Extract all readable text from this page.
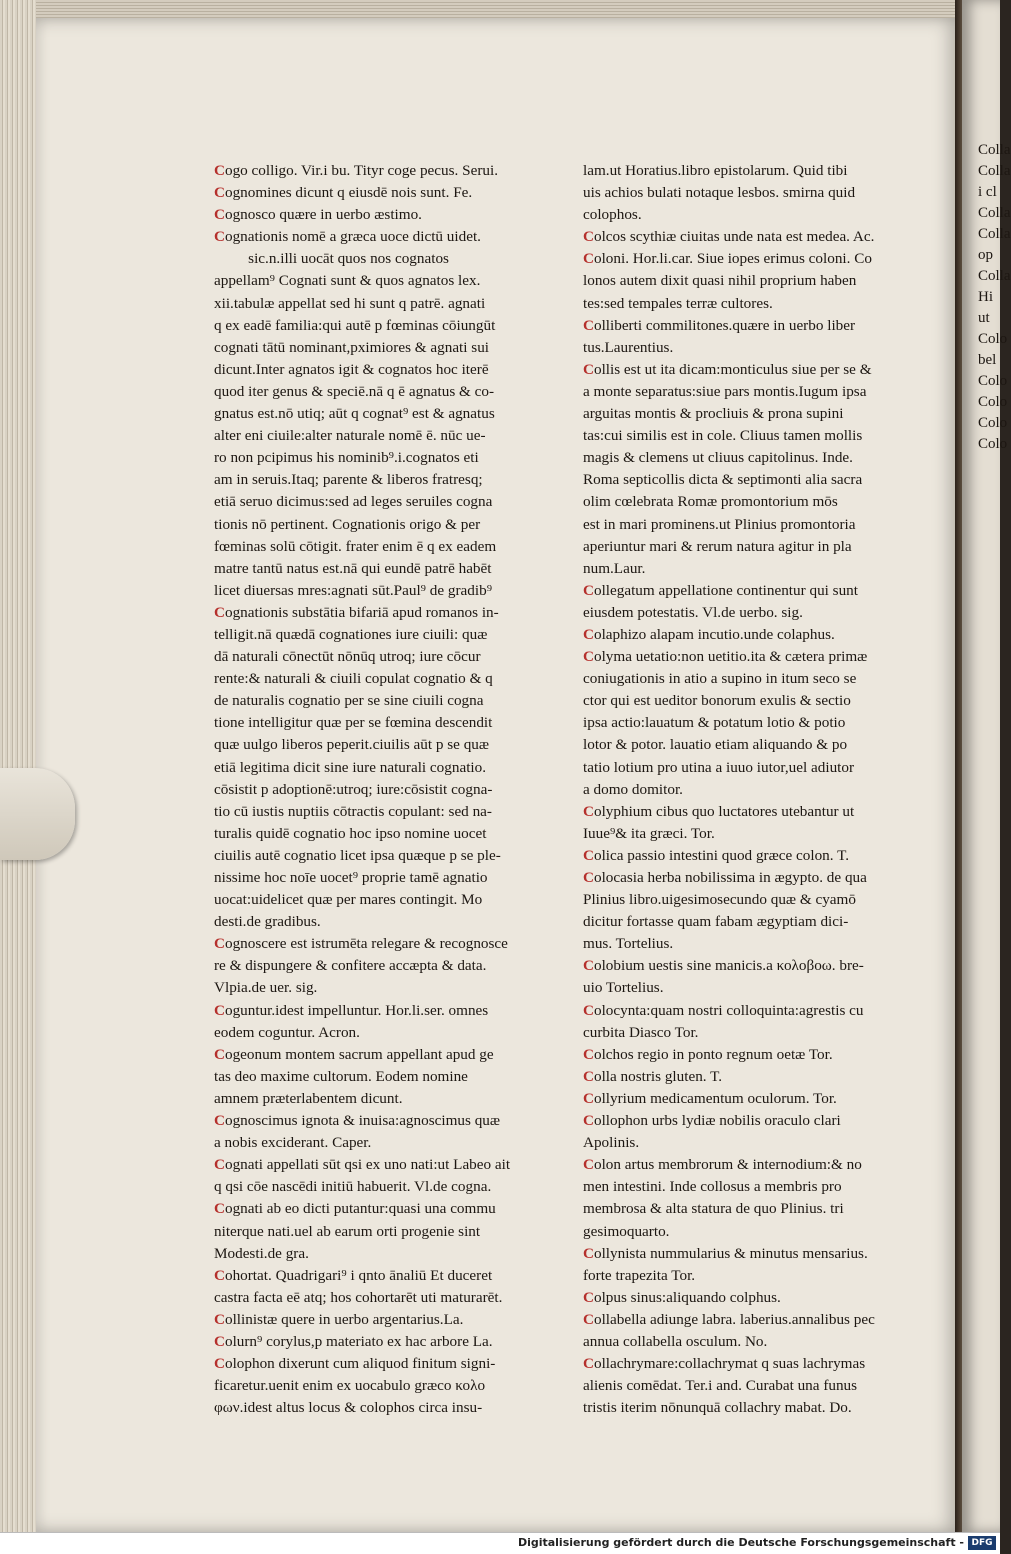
Colla
Colla
i cl
Colla
Colla
op
Colla
Hi
ut
Colo
bel
Colo
Colo
Colo
Colo
Cogo colligo. Vir.i bu. Tityr coge pecus. Serui.
Cognomines dicunt q eiusdē nois sunt. Fe.
Cognosco quære in uerbo æstimo.
Cognationis nomē a græca uoce dictū uidet.
sic.n.illi uocāt quos nos cognatos
appellam⁹ Cognati sunt & quos agnatos lex.
xii.tabulæ appellat sed hi sunt q patrē. agnati
q ex eadē familia:qui autē p fœminas cōiungūt
cognati tātū nominant,pximiores & agnati sui
dicunt.Inter agnatos igit & cognatos hoc iterē
quod iter genus & speciē.nā q ē agnatus & co-
gnatus est.nō utiq; aūt q cognat⁹ est & agnatus
alter eni ciuile:alter naturale nomē ē. nūc ue-
ro non pcipimus his nominib⁹.i.cognatos eti
am in seruis.Itaq; parente & liberos fratresq;
etiā seruo dicimus:sed ad leges seruiles cogna
tionis nō pertinent. Cognationis origo & per
fœminas solū cōtigit. frater enim ē q ex eadem
matre tantū natus est.nā qui eundē patrē habēt
licet diuersas mres:agnati sūt.Paul⁹ de gradib⁹
Cognationis substātia bifariā apud romanos in-
telligit.nā quædā cognationes iure ciuili: quæ
dā naturali cōnectūt nōnūq utroq; iure cōcur
rente:& naturali & ciuili copulat cognatio & q
de naturalis cognatio per se sine ciuili cogna
tione intelligitur quæ per se fœmina descendit
quæ uulgo liberos peperit.ciuilis aūt p se quæ
etiā legitima dicit sine iure naturali cognatio.
cōsistit p adoptionē:utroq; iure:cōsistit cogna-
tio cū iustis nuptiis cōtractis copulant: sed na-
turalis quidē cognatio hoc ipso nomine uocet
ciuilis autē cognatio licet ipsa quæque p se ple-
nissime hoc noīe uocet⁹ proprie tamē agnatio
uocat:uidelicet quæ per mares contingit. Mo
desti.de gradibus.
Cognoscere est istrumēta relegare & recognosce
re & dispungere & confitere accæpta & data.
Vlpia.de uer. sig.
Coguntur.idest impelluntur. Hor.li.ser. omnes
eodem coguntur. Acron.
Cogeonum montem sacrum appellant apud ge
tas deo maxime cultorum. Eodem nomine
amnem præterlabentem dicunt.
Cognoscimus ignota & inuisa:agnoscimus quæ
a nobis exciderant. Caper.
Cognati appellati sūt qsi ex uno nati:ut Labeo ait
q qsi cōe nascēdi initiū habuerit. Vl.de cogna.
Cognati ab eo dicti putantur:quasi una commu
niterque nati.uel ab earum orti progenie sint
Modesti.de gra.
Cohortat. Quadrigari⁹ i qnto ānaliū Et duceret
castra facta eē atq; hos cohortarēt uti maturarēt.
Collinistæ quere in uerbo argentarius.La.
Colurn⁹ corylus,p materiato ex hac arbore La.
Colophon dixerunt cum aliquod finitum signi-
ficaretur.uenit enim ex uocabulo græco κολο
φων.idest altus locus & colophos circa insu-
lam.ut Horatius.libro epistolarum. Quid tibi
uis achios bulati notaque lesbos. smirna quid
colophos.
Colcos scythiæ ciuitas unde nata est medea. Ac.
Coloni. Hor.li.car. Siue iopes erimus coloni. Co
lonos autem dixit quasi nihil proprium haben
tes:sed tempales terræ cultores.
Colliberti commilitones.quære in uerbo liber
tus.Laurentius.
Collis est ut ita dicam:monticulus siue per se &
a monte separatus:siue pars montis.Iugum ipsa
arguitas montis & procliuis & prona supini
tas:cui similis est in cole. Cliuus tamen mollis
magis & clemens ut cliuus capitolinus. Inde.
Roma septicollis dicta & septimonti alia sacra
olim cœlebrata Romæ promontorium mōs
est in mari prominens.ut Plinius promontoria
aperiuntur mari & rerum natura agitur in pla
num.Laur.
Collegatum appellatione continentur qui sunt
eiusdem potestatis. Vl.de uerbo. sig.
Colaphizo alapam incutio.unde colaphus.
Colyma uetatio:non uetitio.ita & cætera primæ
coniugationis in atio a supino in itum seco se
ctor qui est ueditor bonorum exulis & sectio
ipsa actio:lauatum & potatum lotio & potio
lotor & potor. lauatio etiam aliquando & po
tatio lotium pro utina a iuuo iutor,uel adiutor
a domo domitor.
Colyphium cibus quo luctatores utebantur ut
Iuue⁹& ita græci. Tor.
Colica passio intestini quod græce colon. T.
Colocasia herba nobilissima in ægypto. de qua
Plinius libro.uigesimosecundo quæ & cyamō
dicitur fortasse quam fabam ægyptiam dici-
mus. Tortelius.
Colobium uestis sine manicis.a κολοβοω. bre-
uio Tortelius.
Colocynta:quam nostri colloquinta:agrestis cu
curbita Diasco Tor.
Colchos regio in ponto regnum oetæ Tor.
Colla nostris gluten. T.
Collyrium medicamentum oculorum. Tor.
Collophon urbs lydiæ nobilis oraculo clari
Apolinis.
Colon artus membrorum & internodium:& no
men intestini. Inde collosus a membris pro
membrosa & alta statura de quo Plinius. tri
gesimoquarto.
Collynista nummularius & minutus mensarius.
forte trapezita Tor.
Colpus sinus:aliquando colphus.
Collabella adiunge labra. laberius.annalibus pec
annua collabella osculum. No.
Collachrymare:collachrymat q suas lachrymas
alienis comēdat. Ter.i and. Curabat una funus
tristis iterim nōnunquā collachry mabat. Do.
Digitalisierung gefördert durch die Deutsche Forschungsgemeinschaft - DFG
